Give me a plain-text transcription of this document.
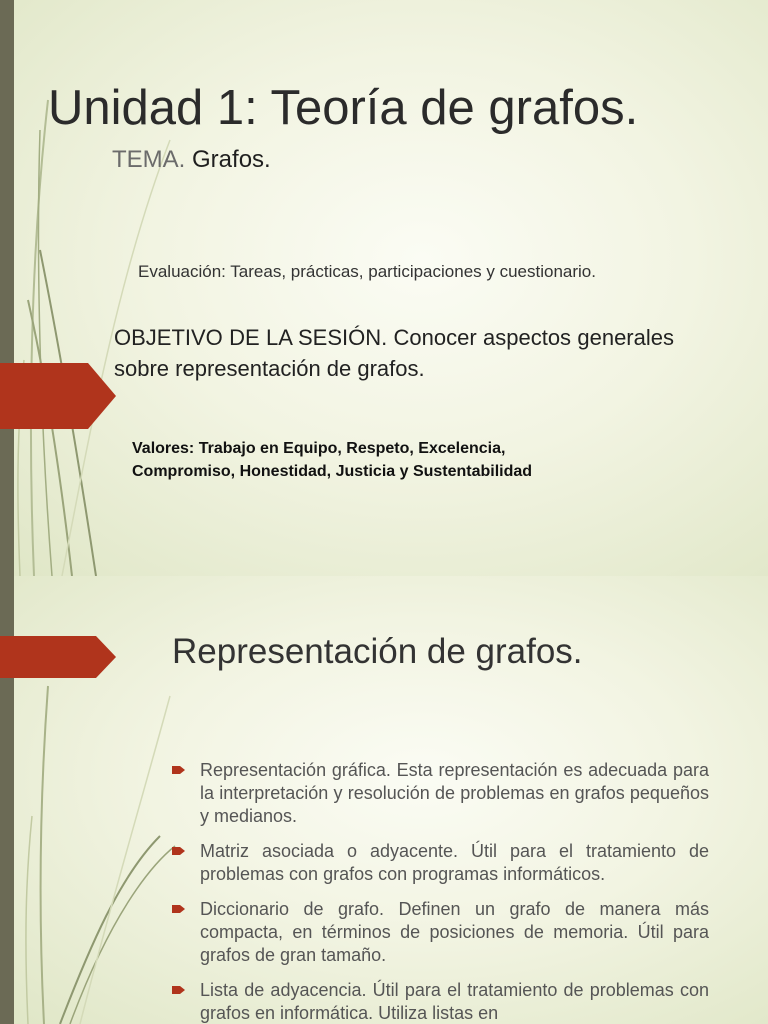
Unidad 1: Teoría de grafos.
TEMA. Grafos.
Evaluación: Tareas, prácticas, participaciones y cuestionario.
OBJETIVO DE LA SESIÓN. Conocer aspectos generales sobre representación de grafos.
Valores: Trabajo en Equipo, Respeto, Excelencia,
Compromiso, Honestidad, Justicia y Sustentabilidad
Representación de grafos.
Representación gráfica. Esta representación es adecuada para la interpretación y resolución de problemas en grafos pequeños y medianos.
Matriz asociada o adyacente. Útil para el tratamiento de problemas con grafos con programas informáticos.
Diccionario de grafo. Definen un grafo de manera más compacta, en términos de posiciones de memoria. Útil para grafos de gran tamaño.
Lista de adyacencia. Útil para el tratamiento de problemas con grafos en informática. Utiliza listas en
